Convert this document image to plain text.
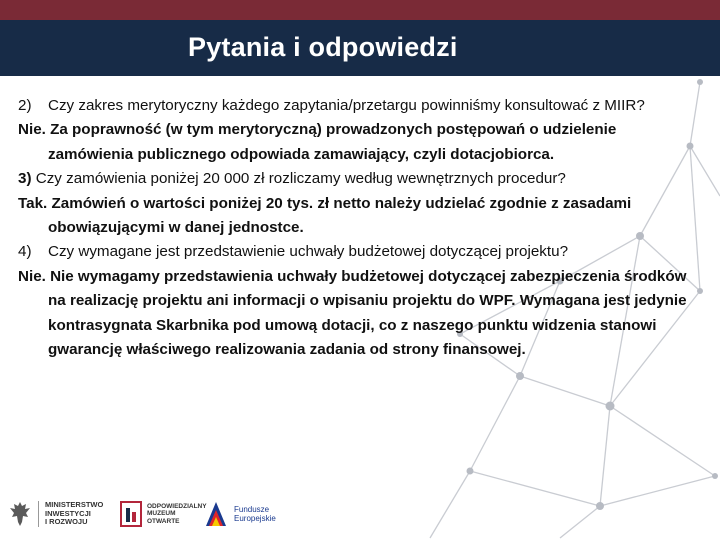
Pytania i odpowiedzi

2) Czy zakres merytoryczny każdego zapytania/przetargu powinniśmy konsultować z MIIR?

Nie. Za poprawność (w tym merytoryczną) prowadzonych postępowań o udzielenie zamówienia publicznego odpowiada zamawiający, czyli dotacjobiorca.

3) Czy zamówienia poniżej 20 000 zł rozliczamy według wewnętrznych procedur?

Tak. Zamówień o wartości poniżej 20 tys. zł netto należy udzielać zgodnie z zasadami obowiązującymi w danej jednostce.

4) Czy wymagane jest przedstawienie uchwały budżetowej dotyczącej projektu?

Nie. Nie wymagamy przedstawienia uchwały budżetowej dotyczącej zabezpieczenia środków na realizację projektu ani informacji o wpisaniu projektu do WPF. Wymagana jest jedynie kontrasygnata Skarbnika pod umową dotacji, co z naszego punktu widzenia stanowi gwarancję właściwego realizowania zadania od strony finansowej.

MINISTERSTWO
INWESTYCJI
I ROZWOJU
ODPOWIEDZIALNY
MUZEUM
OTWARTE
Fundusze
Europejskie
